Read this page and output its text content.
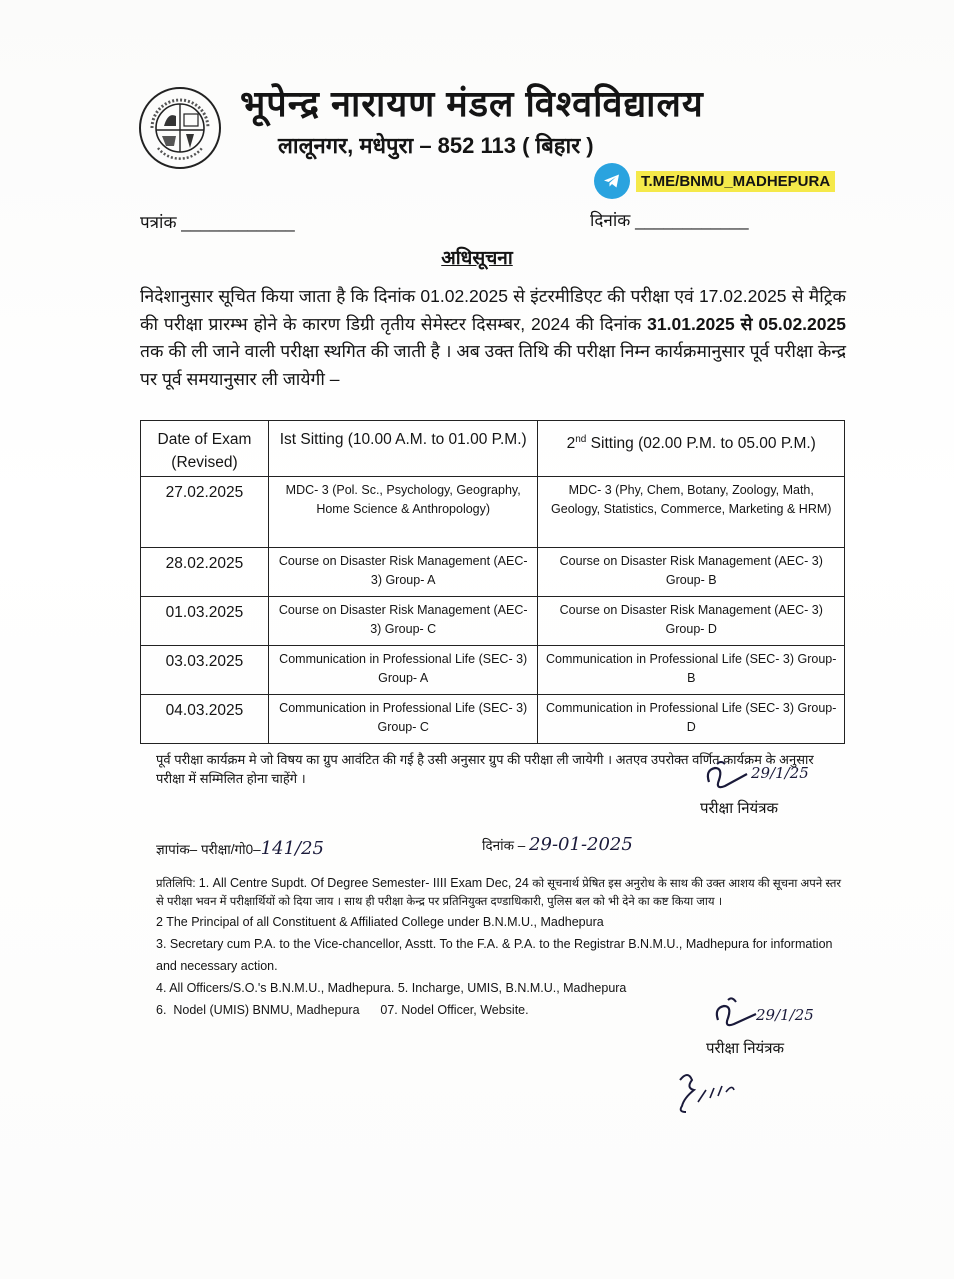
भूपेन्द्र नारायण मंडल विश्वविद्यालय
लालूनगर, मधेपुरा – 852 113 ( बिहार )
T.ME/BNMU_MADHEPURA
पत्रांक ____________	दिनांक ____________
अधिसूचना
निदेशानुसार सूचित किया जाता है कि दिनांक 01.02.2025 से इंटरमीडिएट की परीक्षा एवं 17.02.2025 से मैट्रिक की परीक्षा प्रारम्भ होने के कारण डिग्री तृतीय सेमेस्टर दिसम्बर, 2024 की दिनांक 31.01.2025 से 05.02.2025 तक की ली जाने वाली परीक्षा स्थगित की जाती है । अब उक्त तिथि की परीक्षा निम्न कार्यक्रमानुसार पूर्व परीक्षा केन्द्र पर पूर्व समयानुसार ली जायेगी –
Date of Exam (Revised)	Ist Sitting (10.00 A.M. to 01.00 P.M.)	2nd Sitting (02.00 P.M. to 05.00 P.M.)
27.02.2025	MDC- 3 (Pol. Sc., Psychology, Geography, Home Science & Anthropology)	MDC- 3 (Phy, Chem, Botany, Zoology, Math, Geology, Statistics, Commerce, Marketing & HRM)
28.02.2025	Course on Disaster Risk Management (AEC- 3) Group- A	Course on Disaster Risk Management (AEC- 3) Group- B
01.03.2025	Course on Disaster Risk Management (AEC- 3) Group- C	Course on Disaster Risk Management (AEC- 3) Group- D
03.03.2025	Communication in Professional Life (SEC- 3) Group- A	Communication in Professional Life (SEC- 3) Group- B
04.03.2025	Communication in Professional Life (SEC- 3) Group- C	Communication in Professional Life (SEC- 3) Group- D
पूर्व परीक्षा कार्यक्रम मे जो विषय का ग्रुप आवंटित की गई है उसी अनुसार ग्रुप की परीक्षा ली जायेगी । अतएव उपरोक्त वर्णित कार्यक्रम के अनुसार परीक्षा में सम्मिलित होना चाहेंगे ।	29/1/25
परीक्षा नियंत्रक
ज्ञापांक– परीक्षा/गो0–141/25	दिनांक – 29-01-2025

प्रतिलिपि: 1. All Centre Supdt. Of Degree Semester- IIII Exam Dec, 24 को सूचनार्थ प्रेषित इस अनुरोध के साथ की उक्त आशय की सूचना अपने स्तर से परीक्षा भवन में परीक्षार्थियों को दिया जाय । साथ ही परीक्षा केन्द्र पर प्रतिनियुक्त दण्डाधिकारी, पुलिस बल को भी देने का कष्ट किया जाय ।

2 The Principal of all Constituent & Affiliated College under B.N.M.U., Madhepura

3. Secretary cum P.A. to the Vice-chancellor, Asstt. To the F.A. & P.A. to the Registrar B.N.M.U., Madhepura for information and necessary action.

4. All Officers/S.O.'s B.N.M.U., Madhepura. 5. Incharge, UMIS, B.N.M.U., Madhepura

6.  Nodel (UMIS) BNMU, Madhepura      07. Nodel Officer, Website.	29/1/25
परीक्षा नियंत्रक
